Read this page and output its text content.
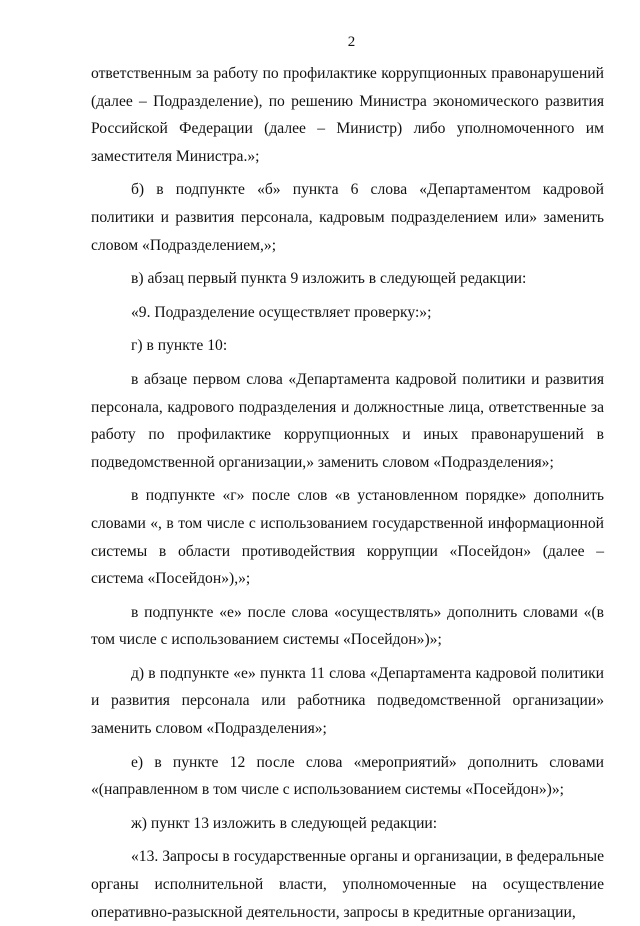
2

ответственным за работу по профилактике коррупционных правонарушений (далее – Подразделение), по решению Министра экономического развития Российской Федерации (далее – Министр) либо уполномоченного им заместителя Министра.»;

б) в подпункте «б» пункта 6 слова «Департаментом кадровой политики и развития персонала, кадровым подразделением или» заменить словом «Подразделением,»;

в) абзац первый пункта 9 изложить в следующей редакции:

«9. Подразделение осуществляет проверку:»;

г) в пункте 10:

в абзаце первом слова «Департамента кадровой политики и развития персонала, кадрового подразделения и должностные лица, ответственные за работу по профилактике коррупционных и иных правонарушений в подведомственной организации,» заменить словом «Подразделения»;

в подпункте «г» после слов «в установленном порядке» дополнить словами «, в том числе с использованием государственной информационной системы в области противодействия коррупции «Посейдон» (далее – система «Посейдон»),»;

в подпункте «е» после слова «осуществлять» дополнить словами «(в том числе с использованием системы «Посейдон»)»;

д) в подпункте «е» пункта 11 слова «Департамента кадровой политики и развития персонала или работника подведомственной организации» заменить словом «Подразделения»;

е) в пункте 12 после слова «мероприятий» дополнить словами «(направленном в том числе с использованием системы «Посейдон»)»;

ж) пункт 13 изложить в следующей редакции:

«13. Запросы в государственные органы и организации, в федеральные органы исполнительной власти, уполномоченные на осуществление оперативно-разыскной деятельности, запросы в кредитные организации,
